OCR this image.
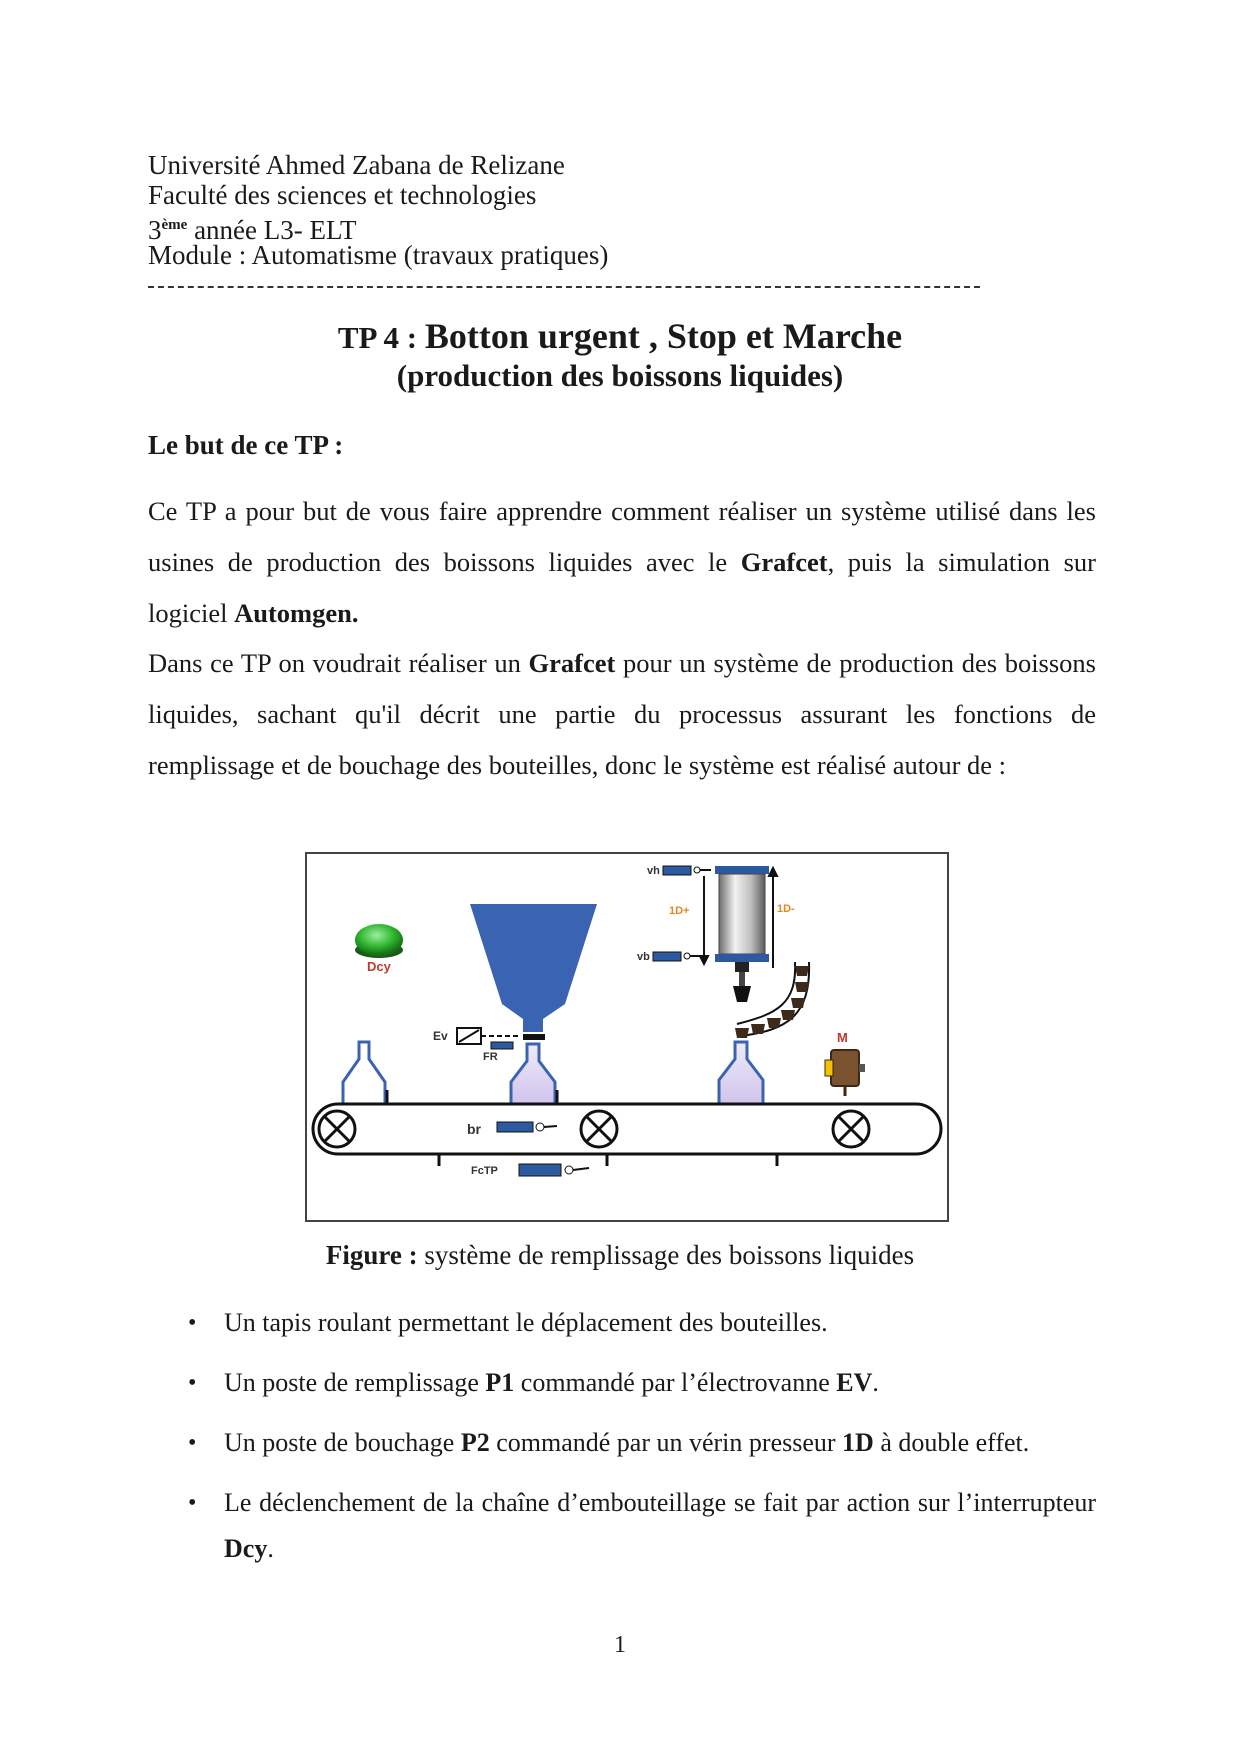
Université Ahmed Zabana de Relizane
Faculté des sciences et technologies
3ème année L3- ELT
Module : Automatisme (travaux pratiques)
TP 4 : Botton urgent , Stop et Marche
(production des boissons liquides)
Le but de ce TP :
Ce TP a pour but de vous faire apprendre comment réaliser un système utilisé dans les usines de production des boissons liquides avec le Grafcet, puis la simulation sur logiciel Automgen.
Dans ce TP on voudrait réaliser un Grafcet pour un système de production des boissons liquides, sachant qu'il décrit une partie du processus assurant les fonctions de remplissage et de bouchage des bouteilles, donc le système est réalisé autour de :
Dcy
Ev
FR
br
FcTP
M
vh
vb
1D+	1D-
Figure : système de remplissage des boissons liquides
• Un tapis roulant permettant le déplacement des bouteilles.
• Un poste de remplissage P1 commandé par l’électrovanne EV.
• Un poste de bouchage P2 commandé par un vérin presseur 1D à double effet.
• Le déclenchement de la chaîne d’embouteillage se fait par action sur l’interrupteur Dcy.
1
